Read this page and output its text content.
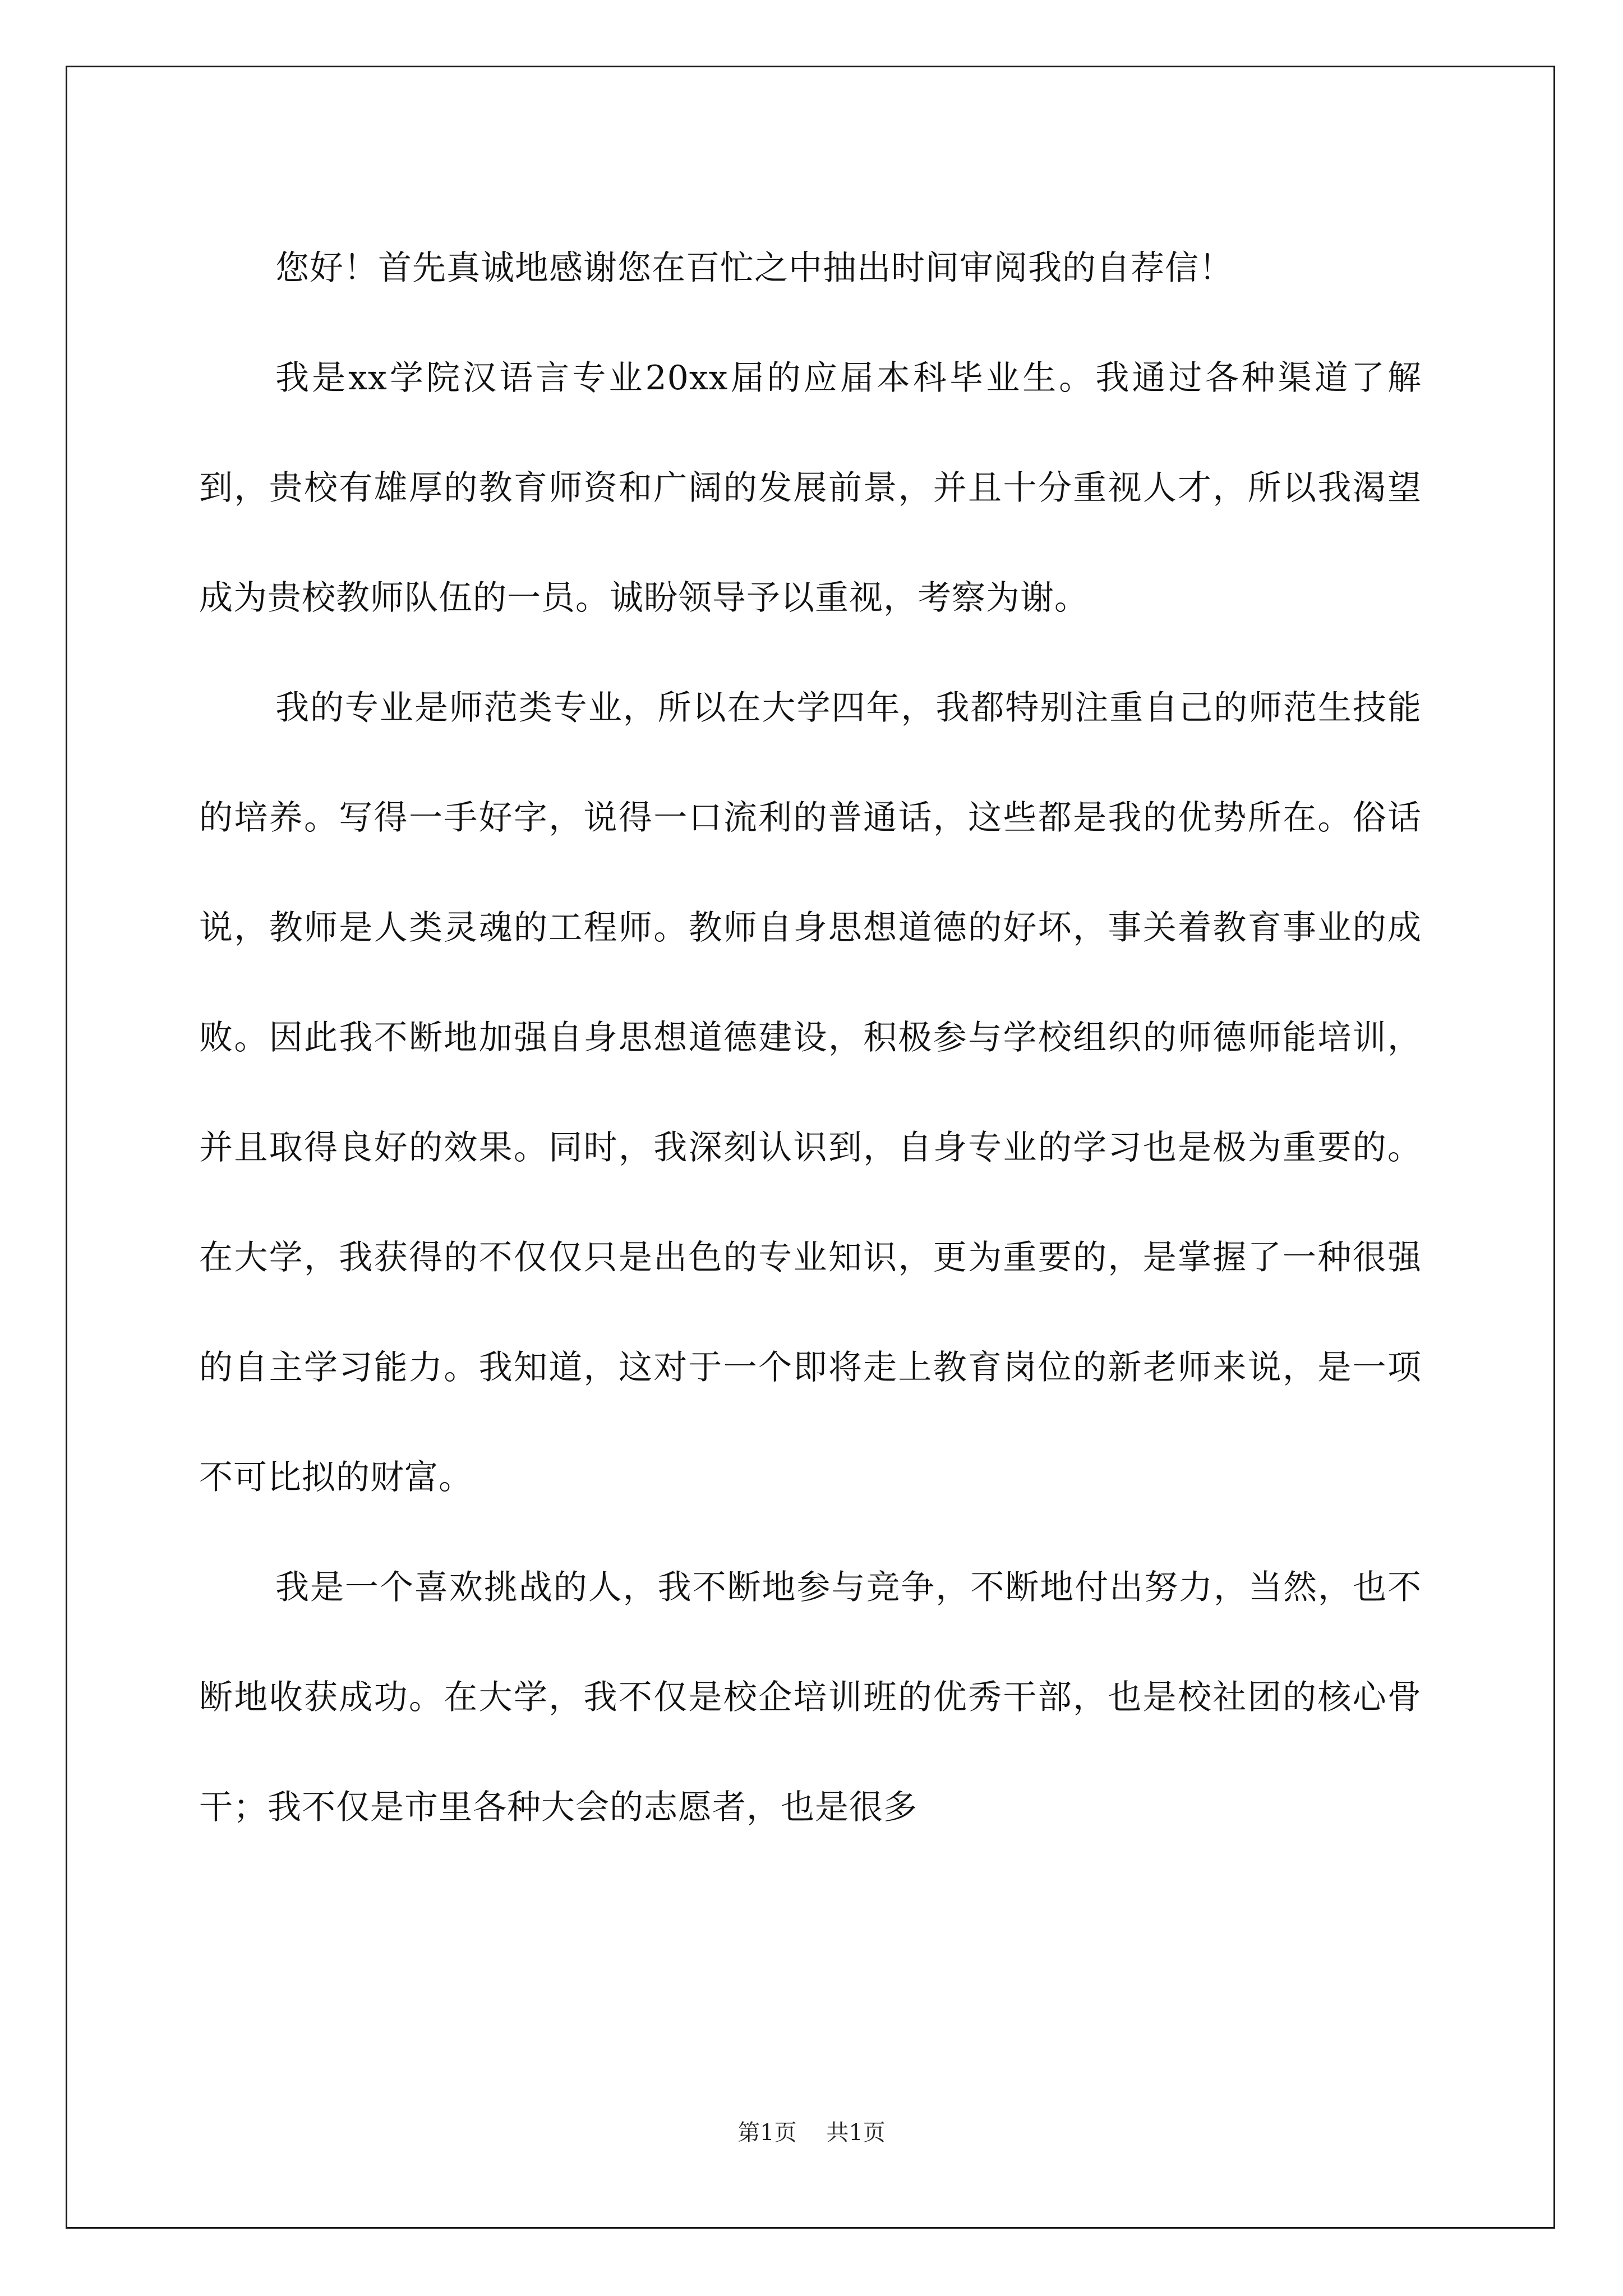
您好！首先真诚地感谢您在百忙之中抽出时间审阅我的自荐信！

我是xx学院汉语言专业20xx届的应届本科毕业生。我通过各种渠道了解到，贵校有雄厚的教育师资和广阔的发展前景，并且十分重视人才，所以我渴望成为贵校教师队伍的一员。诚盼领导予以重视，考察为谢。

我的专业是师范类专业，所以在大学四年，我都特别注重自己的师范生技能的培养。写得一手好字，说得一口流利的普通话，这些都是我的优势所在。俗话说，教师是人类灵魂的工程师。教师自身思想道德的好坏，事关着教育事业的成败。因此我不断地加强自身思想道德建设，积极参与学校组织的师德师能培训，并且取得良好的效果。同时，我深刻认识到，自身专业的学习也是极为重要的。在大学，我获得的不仅仅只是出色的专业知识，更为重要的，是掌握了一种很强的自主学习能力。我知道，这对于一个即将走上教育岗位的新老师来说，是一项不可比拟的财富。

我是一个喜欢挑战的人，我不断地参与竞争，不断地付出努力，当然，也不断地收获成功。在大学，我不仅是校企培训班的优秀干部，也是校社团的核心骨干；我不仅是市里各种大会的志愿者，也是很多

第1页 共1页
